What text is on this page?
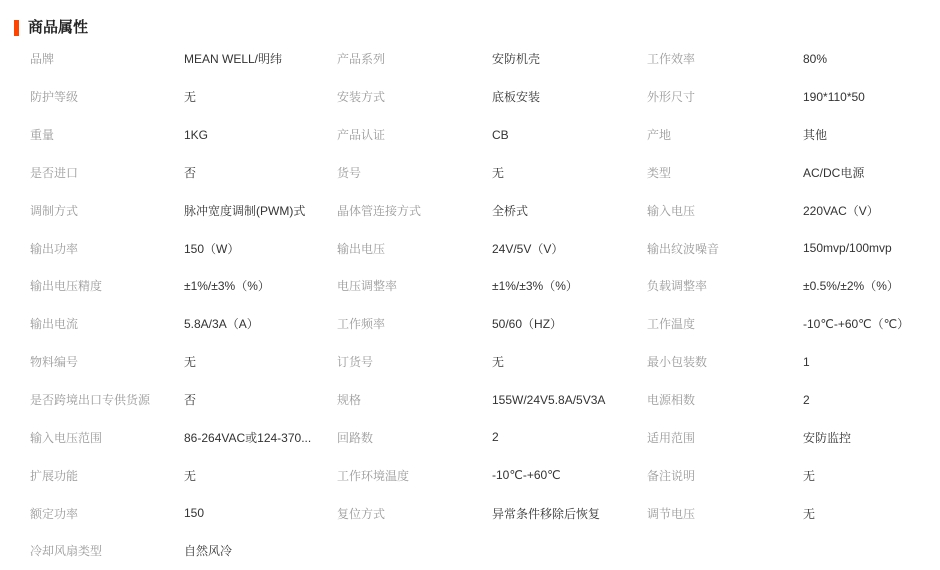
商品属性
品牌	MEAN WELL/明纬	产品系列	安防机壳	工作效率	80%
防护等级	无	安装方式	底板安装	外形尺寸	190*110*50
重量	1KG	产品认证	CB	产地	其他
是否进口	否	货号	无	类型	AC/DC电源
调制方式	脉冲宽度调制(PWM)式	晶体管连接方式	全桥式	输入电压	220VAC（V）
输出功率	150（W）	输出电压	24V/5V（V）	输出纹波噪音	150mvp/100mvp
输出电压精度	±1%/±3%（%）	电压调整率	±1%/±3%（%）	负载调整率	±0.5%/±2%（%）
输出电流	5.8A/3A（A）	工作频率	50/60（HZ）	工作温度	-10℃-+60℃（℃）
物料编号	无	订货号	无	最小包装数	1
是否跨境出口专供货源	否	规格	155W/24V5.8A/5V3A	电源相数	2
输入电压范围	86-264VAC或124-370...	回路数	2	适用范围	安防监控
扩展功能	无	工作环境温度	-10℃-+60℃	备注说明	无
额定功率	150	复位方式	异常条件移除后恢复	调节电压	无
冷却风扇类型	自然风冷
